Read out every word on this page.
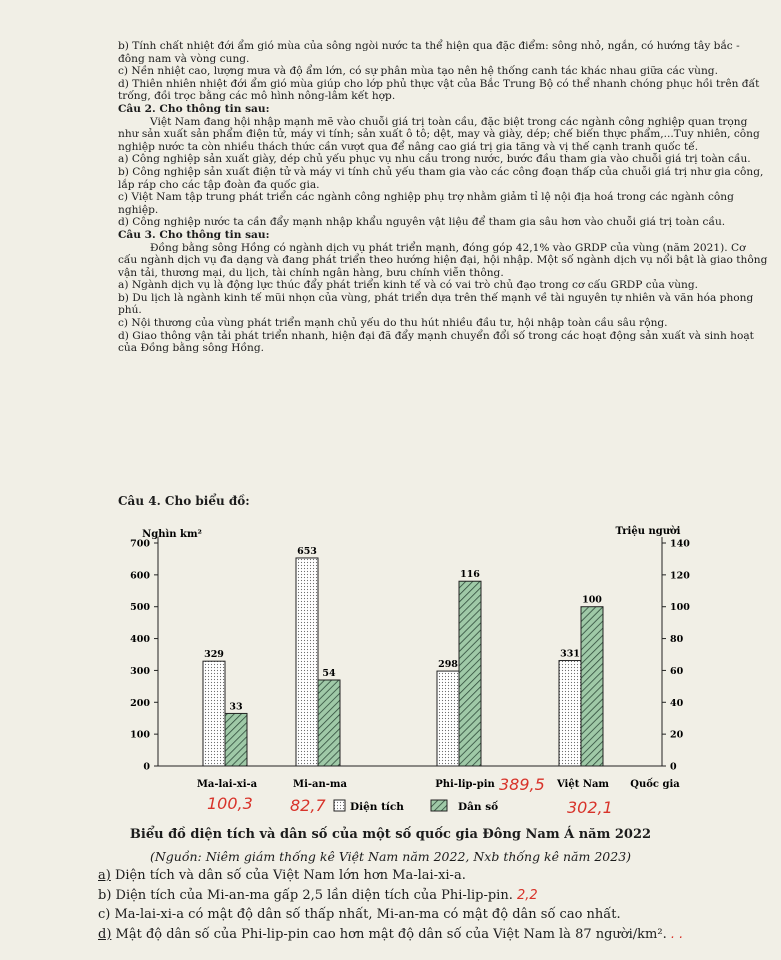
b) Tính chất nhiệt đới ẩm gió mùa của sông ngòi nước ta thể hiện qua đặc điểm: sông nhỏ, ngắn, có hướng tây bắc - đông nam và vòng cung.

c) Nền nhiệt cao, lượng mưa và độ ẩm lớn, có sự phân mùa tạo nên hệ thống canh tác khác nhau giữa các vùng.

d) Thiên nhiên nhiệt đới ẩm gió mùa giúp cho lớp phủ thực vật của Bắc Trung Bộ có thể nhanh chóng phục hồi trên đất trống, đồi trọc bằng các mô hình nông-lâm kết hợp.

Câu 2. Cho thông tin sau:

Việt Nam đang hội nhập mạnh mẽ vào chuỗi giá trị toàn cầu, đặc biệt trong các ngành công nghiệp quan trọng như sản xuất sản phẩm điện tử, máy vi tính; sản xuất ô tô; dệt, may và giày, dép; chế biến thực phẩm,...Tuy nhiên, công nghiệp nước ta còn nhiều thách thức cần vượt qua để nâng cao giá trị gia tăng và vị thế cạnh tranh quốc tế.

a) Công nghiệp sản xuất giày, dép chủ yếu phục vụ nhu cầu trong nước, bước đầu tham gia vào chuỗi giá trị toàn cầu.

b) Công nghiệp sản xuất điện tử và máy vi tính chủ yếu tham gia vào các công đoạn thấp của chuỗi giá trị như gia công, lắp ráp cho các tập đoàn đa quốc gia.

c) Việt Nam tập trung phát triển các ngành công nghiệp phụ trợ nhằm giảm tỉ lệ nội địa hoá trong các ngành công nghiệp.

d) Công nghiệp nước ta cần đẩy mạnh nhập khẩu nguyên vật liệu để tham gia sâu hơn vào chuỗi giá trị toàn cầu.

Câu 3. Cho thông tin sau:

Đồng bằng sông Hồng có ngành dịch vụ phát triển mạnh, đóng góp 42,1% vào GRDP của vùng (năm 2021). Cơ cấu ngành dịch vụ đa dạng và đang phát triển theo hướng hiện đại, hội nhập. Một số ngành dịch vụ nổi bật là giao thông vận tải, thương mại, du lịch, tài chính ngân hàng, bưu chính viễn thông.

a) Ngành dịch vụ là động lực thúc đẩy phát triển kinh tế và có vai trò chủ đạo trong cơ cấu GRDP của vùng.

b) Du lịch là ngành kinh tế mũi nhọn của vùng, phát triển dựa trên thế mạnh về tài nguyên tự nhiên và văn hóa phong phú.

c) Nội thương của vùng phát triển mạnh chủ yếu do thu hút nhiều đầu tư, hội nhập toàn cầu sâu rộng.

d) Giao thông vận tải phát triển nhanh, hiện đại đã đẩy mạnh chuyển đổi số trong các hoạt động sản xuất và sinh hoạt của Đồng bằng sông Hồng.

Câu 4. Cho biểu đồ:
0
100
200
300
400
500
600
700
Nghìn km²
0
20
40
60
80
100
120
140
Triệu người
329
33
Ma-lai-xi-a
653
54
Mi-an-ma
298
116
Phi-lip-pin
331
100
Việt Nam Quốc gia
Diện tích	Dân số
100,3 82,7
389,5
302,1
Biểu đồ diện tích và dân số của một số quốc gia Đông Nam Á năm 2022
(Nguồn: Niêm giám thống kê Việt Nam năm 2022, Nxb thống kê năm 2023)

a) Diện tích và dân số của Việt Nam lớn hơn Ma-lai-xi-a.

b) Diện tích của Mi-an-ma gấp 2,5 lần diện tích của Phi-lip-pin. 2,2

c) Ma-lai-xi-a có mật độ dân số thấp nhất, Mi-an-ma có mật độ dân số cao nhất.

d) Mật độ dân số của Phi-lip-pin cao hơn mật độ dân số của Việt Nam là 87 người/km². . .
